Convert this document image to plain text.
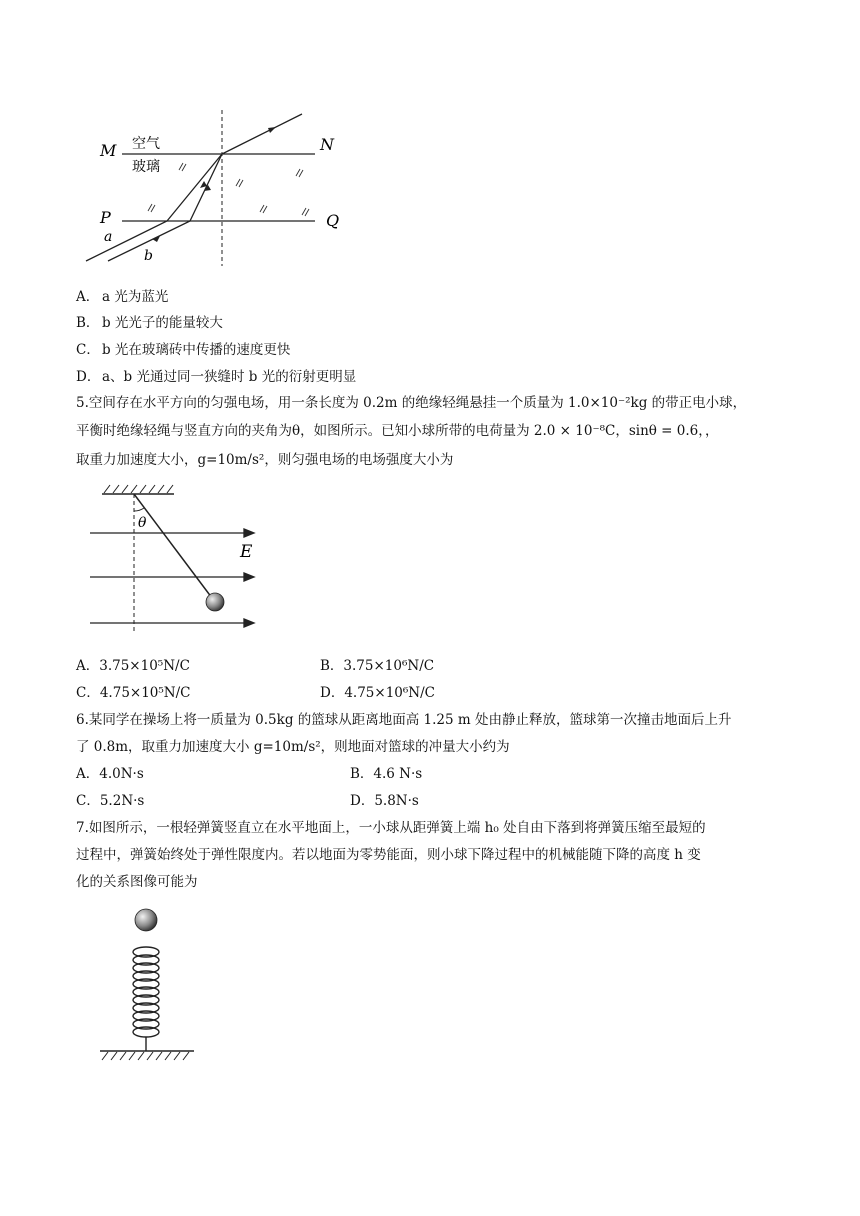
M	N
P	Q
空气
玻璃
a
b
A． a 光为蓝光
B． b 光光子的能量较大
C． b 光在玻璃砖中传播的速度更快
D． a、b 光通过同一狭缝时 b 光的衍射更明显
5.空间存在水平方向的匀强电场，用一条长度为 0.2m 的绝缘轻绳悬挂一个质量为 1.0×10⁻²kg 的带正电小球，
平衡时绝缘轻绳与竖直方向的夹角为θ，如图所示。已知小球所带的电荷量为 2.0 × 10⁻⁸C，sinθ = 0.6，，
取重力加速度大小，g=10m/s²，则匀强电场的电场强度大小为
θ
E
A．3.75×10⁵N/C	B．3.75×10⁶N/C
C．4.75×10⁵N/C	D．4.75×10⁶N/C
6.某同学在操场上将一质量为 0.5kg 的篮球从距离地面高 1.25 m 处由静止释放，篮球第一次撞击地面后上升
了 0.8m，取重力加速度大小 g=10m/s²，则地面对篮球的冲量大小约为
A．4.0N·s	B．4.6 N·s
C．5.2N·s	D．5.8N·s
7.如图所示，一根轻弹簧竖直立在水平地面上，一小球从距弹簧上端 h₀ 处自由下落到将弹簧压缩至最短的
过程中，弹簧始终处于弹性限度内。若以地面为零势能面，则小球下降过程中的机械能随下降的高度 h 变
化的关系图像可能为
